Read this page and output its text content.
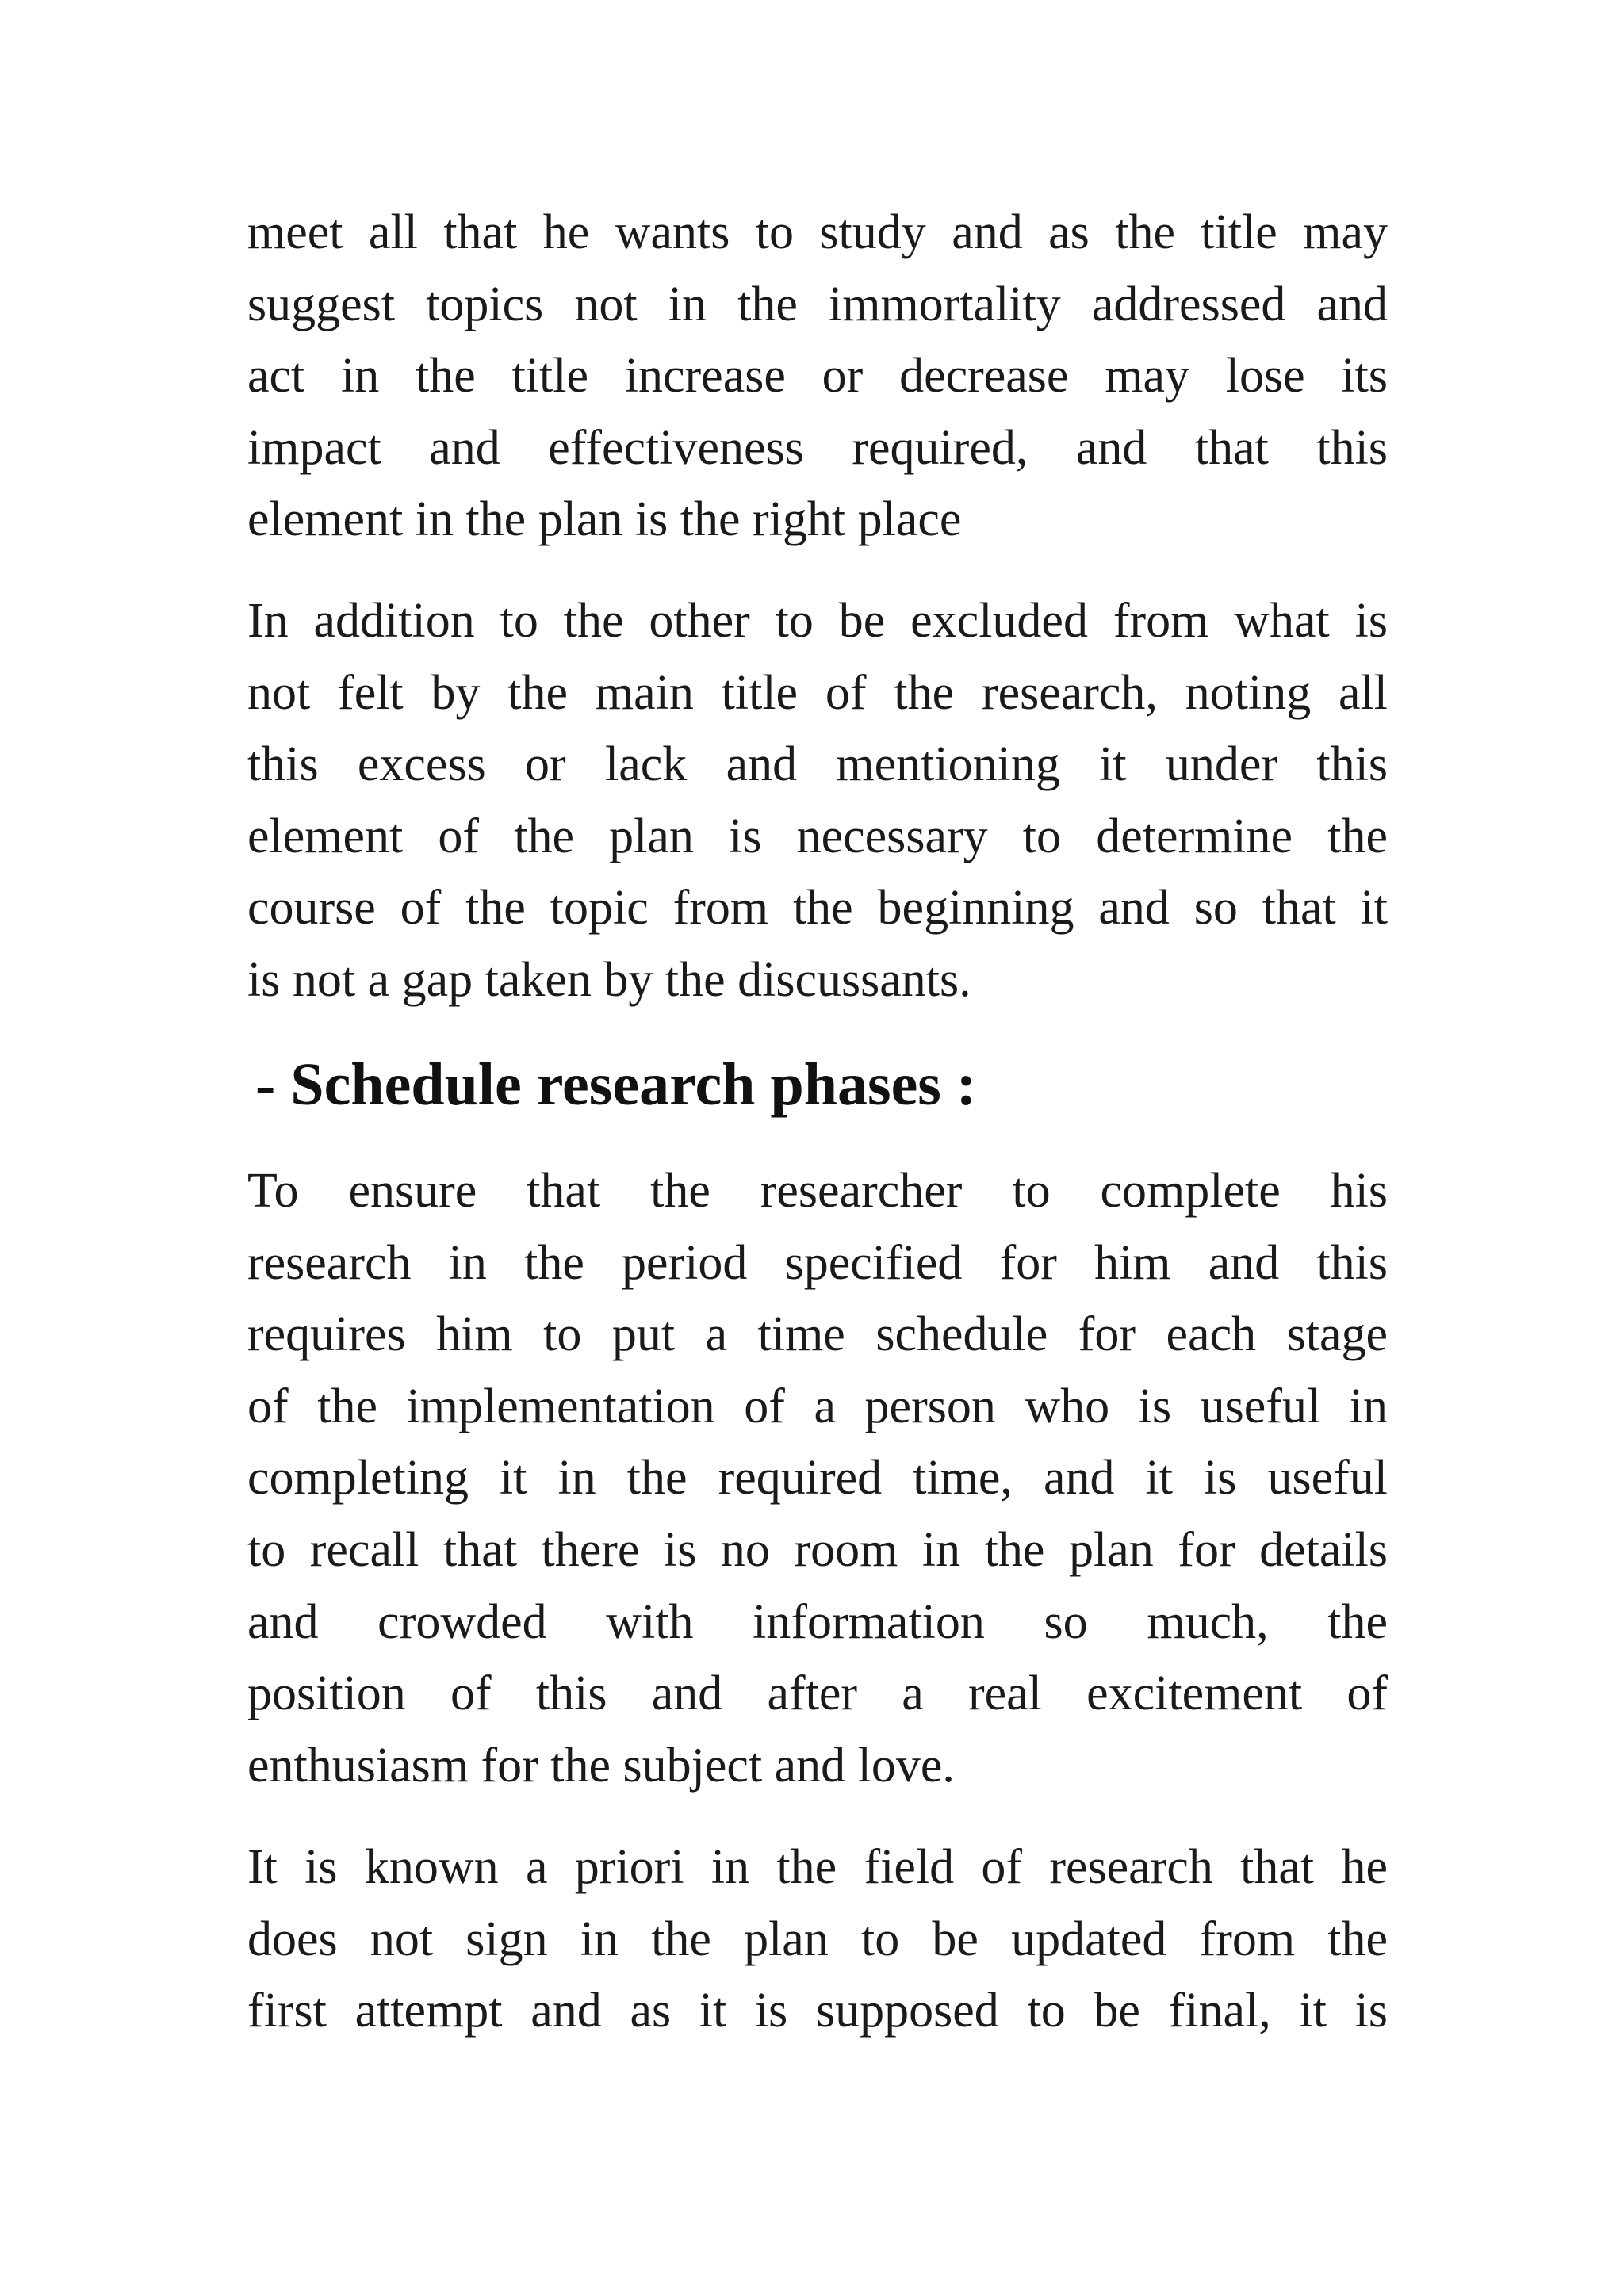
meet all that he wants to study and as the title may
suggest topics not in the immortality addressed and
act in the title increase or decrease may lose its
impact and effectiveness required, and that this
element in the plan is the right place
In addition to the other to be excluded from what is
not felt by the main title of the research, noting all
this excess or lack and mentioning it under this
element of the plan is necessary to determine the
course of the topic from the beginning and so that it
is not a gap taken by the discussants.
- Schedule research phases :
To ensure that the researcher to complete his
research in the period specified for him and this
requires him to put a time schedule for each stage
of the implementation of a person who is useful in
completing it in the required time, and it is useful
to recall that there is no room in the plan for details
and crowded with information so much, the
position of this and after a real excitement of
enthusiasm for the subject and love.
It is known a priori in the field of research that he
does not sign in the plan to be updated from the
first attempt and as it is supposed to be final, it is
